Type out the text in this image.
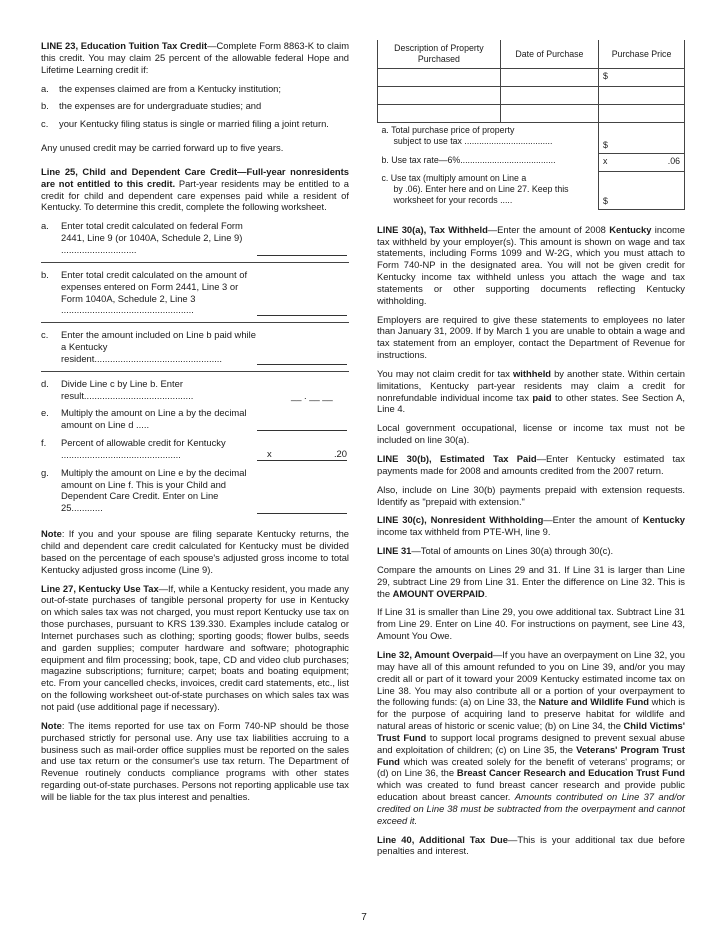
LINE 23, Education Tuition Tax Credit—Complete Form 8863-K to claim this credit. You may claim 25 percent of the allowable federal Hope and Lifetime Learning credit if:

a.	the expenses claimed are from a Kentucky institution;
b.	the expenses are for undergraduate studies; and
c.	your Kentucky filing status is single or married filing a joint return.

Any unused credit may be carried forward up to five years.

Line 25, Child and Dependent Care Credit—Full-year nonresidents are not entitled to this credit. Part-year residents may be entitled to a credit for child and dependent care expenses paid while a resident of Kentucky. To determine this credit, complete the following worksheet.

a.	Enter total credit calculated on federal Form 2441, Line 9 (or 1040A, Schedule 2, Line 9) .............................
b.	Enter total credit calculated on the amount of expenses entered on Form 2441, Line 3 or Form 1040A, Schedule 2, Line 3 ...................................................
c.	Enter the amount included on Line b paid while a Kentucky resident.................................................
d.	Divide Line c by Line b. Enter result..........................................	__ . __ __
e.	Multiply the amount on Line a by the decimal amount on Line d .....
f.	Percent of allowable credit for Kentucky ..............................................	x	.20
g.	Multiply the amount on Line e by the decimal amount on Line f. This is your Child and Dependent Care Credit. Enter on Line 25............

Note: If you and your spouse are filing separate Kentucky returns, the child and dependent care credit calculated for Kentucky must be divided based on the percentage of each spouse's adjusted gross income to total Kentucky adjusted gross income (Line 9).

Line 27, Kentucky Use Tax—If, while a Kentucky resident, you made any out-of-state purchases of tangible personal property for use in Kentucky on which sales tax was not charged, you must report Kentucky use tax on those purchases, pursuant to KRS 139.330. Examples include catalog or Internet purchases such as clothing; sporting goods; flower bulbs, seeds and garden supplies; computer hardware and software; photographic equipment and film processing; book, tape, CD and video club purchases; magazine subscriptions; furniture; carpet; boats and boating equipment; etc. From your cancelled checks, invoices, credit card statements, etc., list on the following worksheet out-of-state purchases on which sales tax was not paid (use additional page if necessary).

Note: The items reported for use tax on Form 740-NP should be those purchased strictly for personal use. Any use tax liabilities accruing to a business such as mail-order office supplies must be reported on the sales and use tax return or the consumer's use tax return. The Department of Revenue routinely conducts compliance programs with other states regarding out-of-state purchases. Persons not reporting applicable use tax will be liable for the tax plus interest and penalties.

Description of Property Purchased	Date of Purchase	Purchase Price
		$

a. Total purchase price of property
subject to use tax ....................................		$
b. Use tax rate—6%.......................................		x .06

c. Use tax (multiply amount on Line a

by .06). Enter here and on Line 27. Keep this worksheet for your records .....		$

LINE 30(a), Tax Withheld—Enter the amount of 2008 Kentucky income tax withheld by your employer(s). This amount is shown on wage and tax statements, including Forms 1099 and W-2G, which you must attach to Form 740-NP in the designated area. You will not be given credit for Kentucky income tax withheld unless you attach the wage and tax statements or other supporting documents reflecting Kentucky withholding.

Employers are required to give these statements to employees no later than January 31, 2009. If by March 1 you are unable to obtain a wage and tax statement from an employer, contact the Department of Revenue for instructions.

You may not claim credit for tax withheld by another state. Within certain limitations, Kentucky part-year residents may claim a credit for nonrefundable individual income tax paid to other states. See Section A, Line 4.

Local government occupational, license or income tax must not be included on line 30(a).

LINE 30(b), Estimated Tax Paid—Enter Kentucky estimated tax payments made for 2008 and amounts credited from the 2007 return.

Also, include on Line 30(b) payments prepaid with extension requests. Identify as "prepaid with extension."

LINE 30(c), Nonresident Withholding—Enter the amount of Kentucky income tax withheld from PTE-WH, line 9.

LINE 31—Total of amounts on Lines 30(a) through 30(c).

Compare the amounts on Lines 29 and 31. If Line 31 is larger than Line 29, subtract Line 29 from Line 31. Enter the difference on Line 32. This is the AMOUNT OVERPAID.

If Line 31 is smaller than Line 29, you owe additional tax. Subtract Line 31 from Line 29. Enter on Line 40. For instructions on payment, see Line 43, Amount You Owe.

Line 32, Amount Overpaid—If you have an overpayment on Line 32, you may have all of this amount refunded to you on Line 39, and/or you may credit all or part of it toward your 2009 Kentucky estimated income tax on Line 38. You may also contribute all or a portion of your overpayment to the following funds: (a) on Line 33, the Nature and Wildlife Fund which is for the purpose of acquiring land to preserve habitat for wildlife and natural areas of historic or scenic value; (b) on Line 34, the Child Victims' Trust Fund to support local programs designed to prevent sexual abuse and exploitation of children; (c) on Line 35, the Veterans' Program Trust Fund which was created solely for the benefit of veterans' programs; or (d) on Line 36, the Breast Cancer Research and Education Trust Fund which was created to fund breast cancer research and provide public education about breast cancer. Amounts contributed on Line 37 and/or credited on Line 38 must be subtracted from the overpayment and cannot exceed it.

Line 40, Additional Tax Due—This is your additional tax due before penalties and interest.

7
